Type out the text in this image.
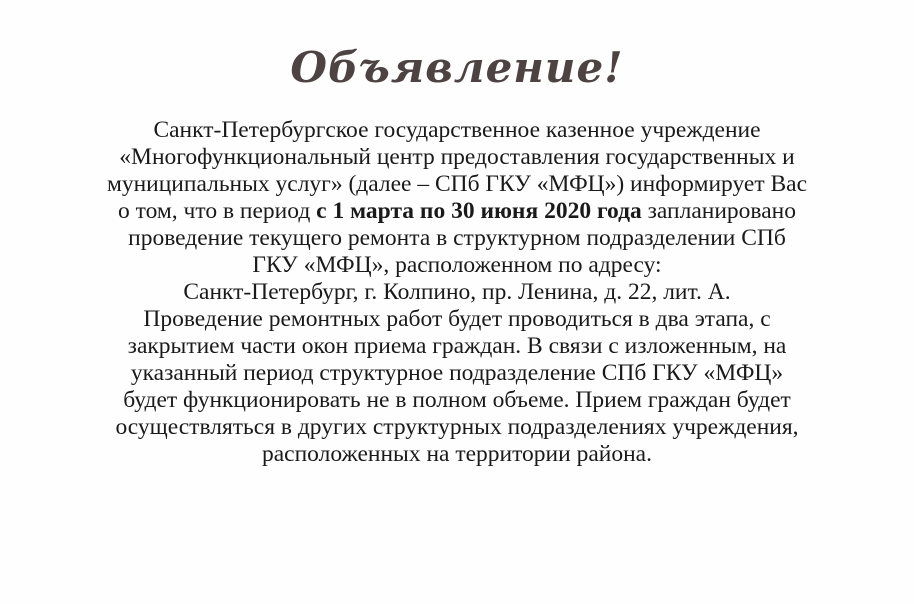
Объявление!
Санкт-Петербургское государственное казенное учреждение
«Многофункциональный центр предоставления государственных и
муниципальных услуг» (далее – СПб ГКУ «МФЦ») информирует Вас
о том, что в период с 1 марта по 30 июня 2020 года запланировано
проведение текущего ремонта в структурном подразделении СПб
ГКУ «МФЦ», расположенном по адресу:
Санкт-Петербург, г. Колпино, пр. Ленина, д. 22, лит. А.
Проведение ремонтных работ будет проводиться в два этапа, с
закрытием части окон приема граждан. В связи с изложенным, на
указанный период структурное подразделение СПб ГКУ «МФЦ»
будет функционировать не в полном объеме. Прием граждан будет
осуществляться в других структурных подразделениях учреждения,
расположенных на территории района.
